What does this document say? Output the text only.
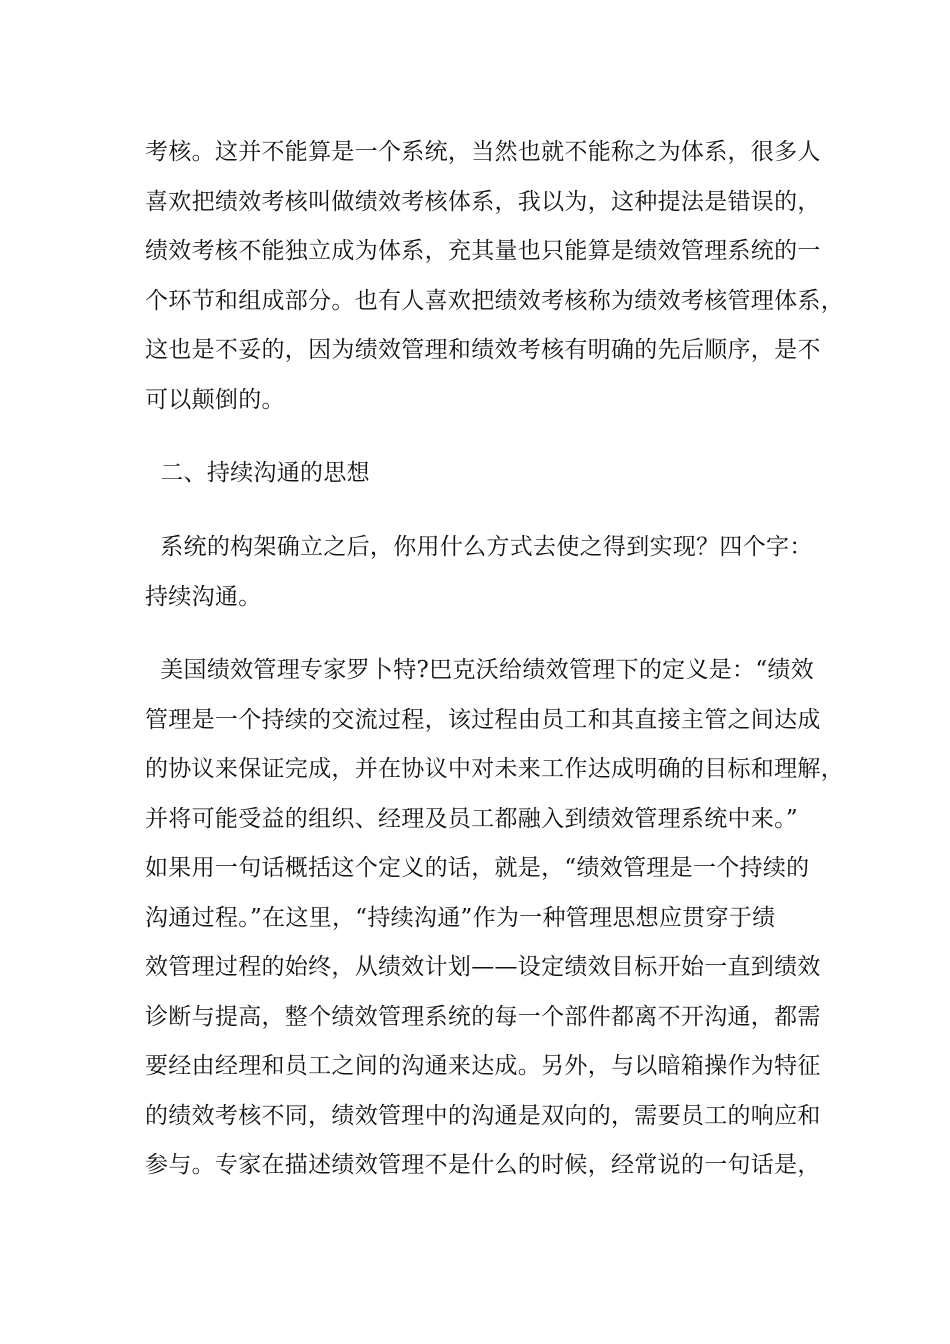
考核。这并不能算是一个系统，当然也就不能称之为体系，很多人
喜欢把绩效考核叫做绩效考核体系，我以为，这种提法是错误的，
绩效考核不能独立成为体系，充其量也只能算是绩效管理系统的一
个环节和组成部分。也有人喜欢把绩效考核称为绩效考核管理体系，
这也是不妥的，因为绩效管理和绩效考核有明确的先后顺序，是不
可以颠倒的。
二、持续沟通的思想
系统的构架确立之后，你用什么方式去使之得到实现？四个字：
持续沟通。
美国绩效管理专家罗卜特?巴克沃给绩效管理下的定义是：“绩效
管理是一个持续的交流过程，该过程由员工和其直接主管之间达成
的协议来保证完成，并在协议中对未来工作达成明确的目标和理解，
并将可能受益的组织、经理及员工都融入到绩效管理系统中来。”
如果用一句话概括这个定义的话，就是，“绩效管理是一个持续的
沟通过程。”在这里，“持续沟通”作为一种管理思想应贯穿于绩
效管理过程的始终，从绩效计划——设定绩效目标开始一直到绩效
诊断与提高，整个绩效管理系统的每一个部件都离不开沟通，都需
要经由经理和员工之间的沟通来达成。另外，与以暗箱操作为特征
的绩效考核不同，绩效管理中的沟通是双向的，需要员工的响应和
参与。专家在描述绩效管理不是什么的时候，经常说的一句话是，
